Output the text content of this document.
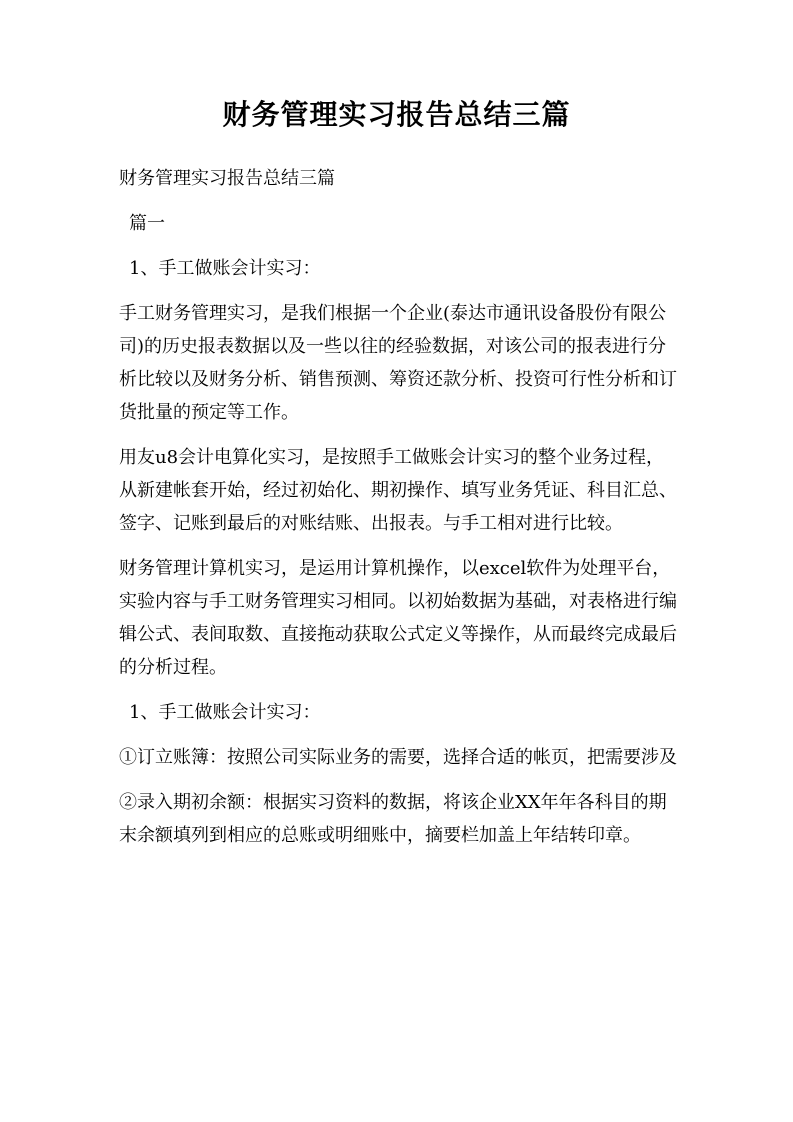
财务管理实习报告总结三篇

财务管理实习报告总结三篇

篇一

1、手工做账会计实习：

手工财务管理实习，是我们根据一个企业(泰达市通讯设备股份有限公司)的历史报表数据以及一些以往的经验数据，对该公司的报表进行分析比较以及财务分析、销售预测、筹资还款分析、投资可行性分析和订货批量的预定等工作。

用友u8会计电算化实习，是按照手工做账会计实习的整个业务过程，从新建帐套开始，经过初始化、期初操作、填写业务凭证、科目汇总、签字、记账到最后的对账结账、出报表。与手工相对进行比较。

财务管理计算机实习，是运用计算机操作，以excel软件为处理平台，实验内容与手工财务管理实习相同。以初始数据为基础，对表格进行编辑公式、表间取数、直接拖动获取公式定义等操作，从而最终完成最后的分析过程。

1、手工做账会计实习：

①订立账簿：按照公司实际业务的需要，选择合适的帐页，把需要涉及

②录入期初余额：根据实习资料的数据，将该企业XX年年各科目的期末余额填列到相应的总账或明细账中，摘要栏加盖上年结转印章。
